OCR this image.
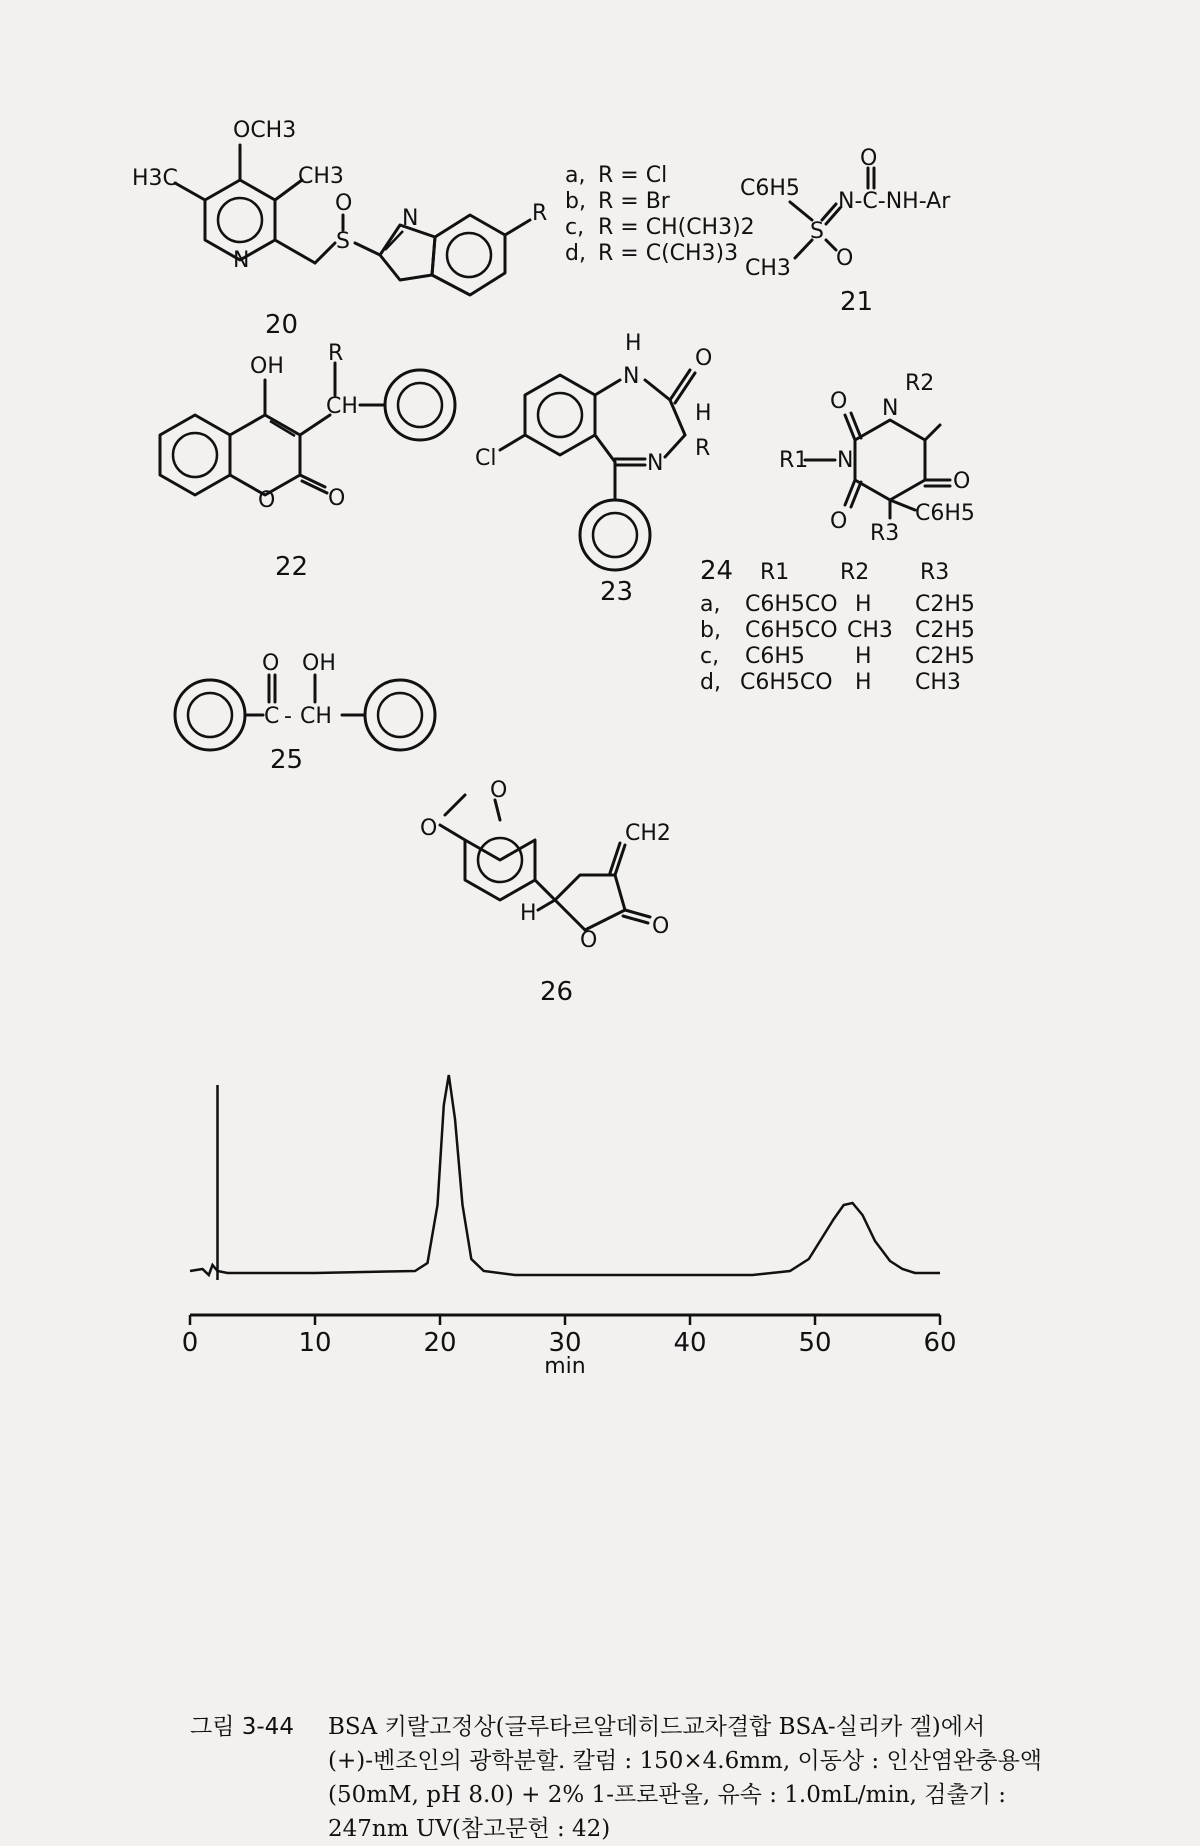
OCH3
H3C	CH3
O
S
N
N	R
20
a, R = Cl
b, R = Br
c, R = CH(CH3)2
d, R = C(CH3)3
C6H5
CH3
S
O
O
N-C-NH-Ar
21
OH
R
CH
O O
22
H
N
O
H
R
N
Cl
23
R1 N
N
R2
O
O
O R3
C6H5
24 R1 R2 R3
a, C6H5CO H C2H5
b, C6H5CO CH3 C2H5
c, C6H5 H C2H5
d, C6H5CO H CH3
O OH
C - CH
25
O
O	CH2
H
O
O
26
0	10	20	30	40	50	60
min
그림 3-44 BSA 키랄고정상(글루타르알데히드교차결합 BSA-실리카 겔)에서
(+)-벤조인의 광학분할. 칼럼 : 150×4.6mm, 이동상 : 인산염완충용액
(50mM, pH 8.0) + 2% 1-프로판올, 유속 : 1.0mL/min, 검출기 :
247nm UV(참고문헌 : 42)
